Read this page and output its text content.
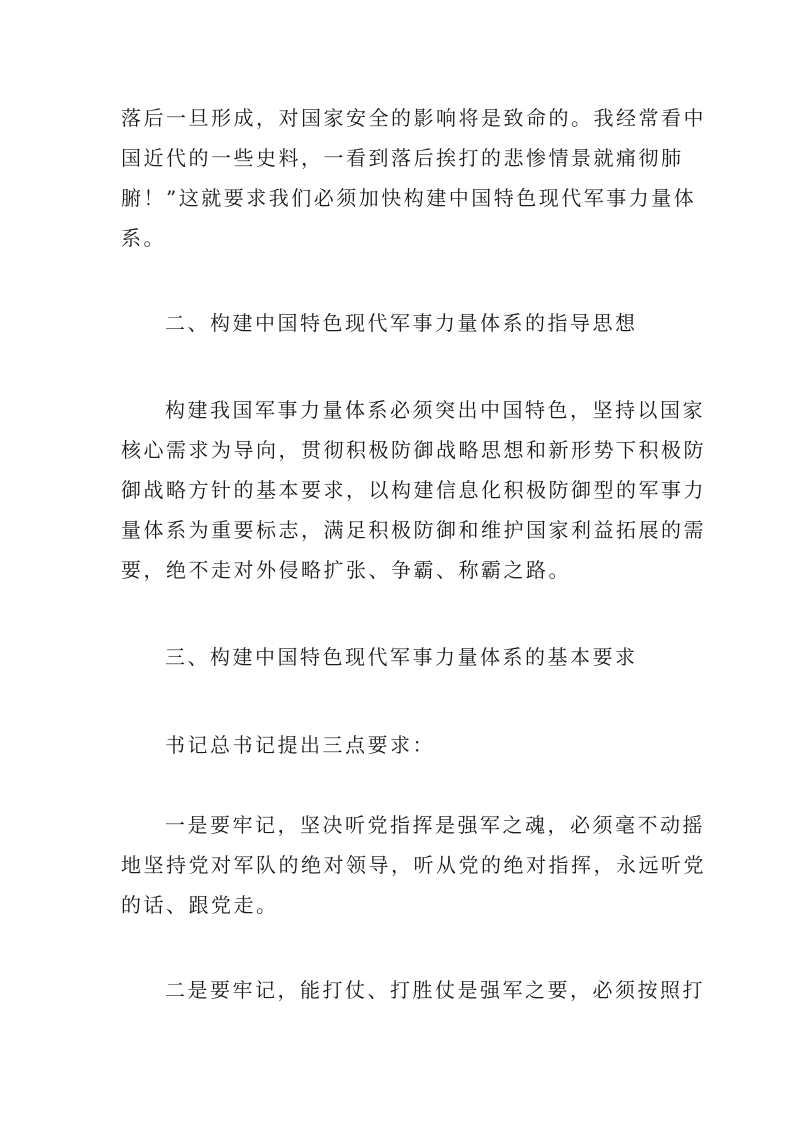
落后一旦形成，对国家安全的影响将是致命的。我经常看中
国近代的一些史料，一看到落后挨打的悲惨情景就痛彻肺
腑！”这就要求我们必须加快构建中国特色现代军事力量体
系。

二、构建中国特色现代军事力量体系的指导思想

构建我国军事力量体系必须突出中国特色，坚持以国家
核心需求为导向，贯彻积极防御战略思想和新形势下积极防
御战略方针的基本要求，以构建信息化积极防御型的军事力
量体系为重要标志，满足积极防御和维护国家利益拓展的需
要，绝不走对外侵略扩张、争霸、称霸之路。

三、构建中国特色现代军事力量体系的基本要求

书记总书记提出三点要求：

一是要牢记，坚决听党指挥是强军之魂，必须毫不动摇
地坚持党对军队的绝对领导，听从党的绝对指挥，永远听党
的话、跟党走。

二是要牢记，能打仗、打胜仗是强军之要，必须按照打
